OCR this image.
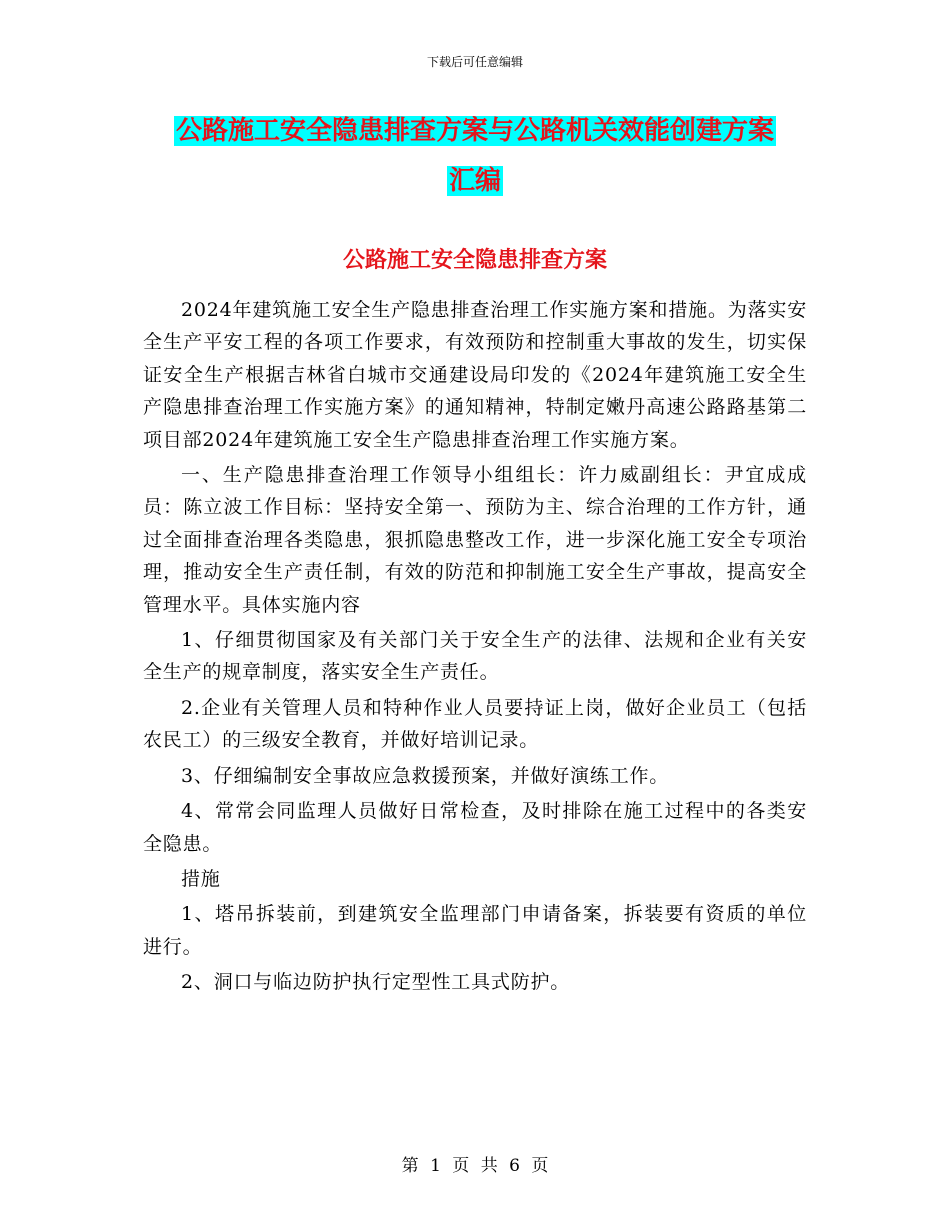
下载后可任意编辑
公路施工安全隐患排查方案与公路机关效能创建方案
汇编
公路施工安全隐患排查方案

2024年建筑施工安全生产隐患排查治理工作实施方案和措施。为落实安全生产平安工程的各项工作要求，有效预防和控制重大事故的发生，切实保证安全生产根据吉林省白城市交通建设局印发的《2024年建筑施工安全生产隐患排查治理工作实施方案》的通知精神，特制定嫩丹高速公路路基第二项目部2024年建筑施工安全生产隐患排查治理工作实施方案。

一、生产隐患排查治理工作领导小组组长：许力威副组长：尹宜成成员：陈立波工作目标：坚持安全第一、预防为主、综合治理的工作方针，通过全面排查治理各类隐患，狠抓隐患整改工作，进一步深化施工安全专项治理，推动安全生产责任制，有效的防范和抑制施工安全生产事故，提高安全管理水平。具体实施内容

1、仔细贯彻国家及有关部门关于安全生产的法律、法规和企业有关安全生产的规章制度，落实安全生产责任。

2.企业有关管理人员和特种作业人员要持证上岗，做好企业员工（包括农民工）的三级安全教育，并做好培训记录。

3、仔细编制安全事故应急救援预案，并做好演练工作。

4、常常会同监理人员做好日常检查，及时排除在施工过程中的各类安全隐患。

措施

1、塔吊拆装前，到建筑安全监理部门申请备案，拆装要有资质的单位进行。

2、洞口与临边防护执行定型性工具式防护。

第 1 页 共 6 页
